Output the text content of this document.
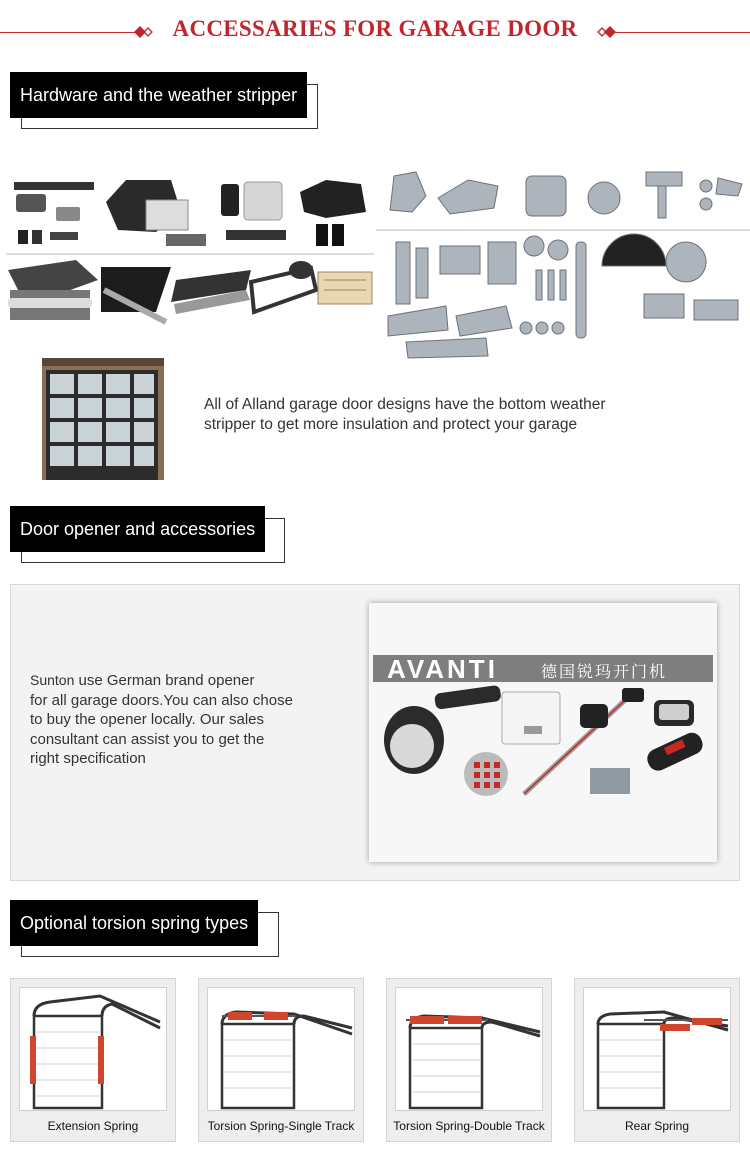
ACCESSARIES FOR GARAGE DOOR
Hardware and the weather stripper
All of Alland garage door designs have the bottom weather
stripper to get more insulation and protect your garage
Door opener and accessories
Sunton use German brand opener
for all garage doors.You can also chose
to buy the opener locally. Our sales
consultant can assist you to get the
right specification
AVANTI	德国锐玛开门机
Optional torsion spring types
Extension Spring	Torsion Spring-Single Track	Torsion Spring-Double Track	Rear Spring
